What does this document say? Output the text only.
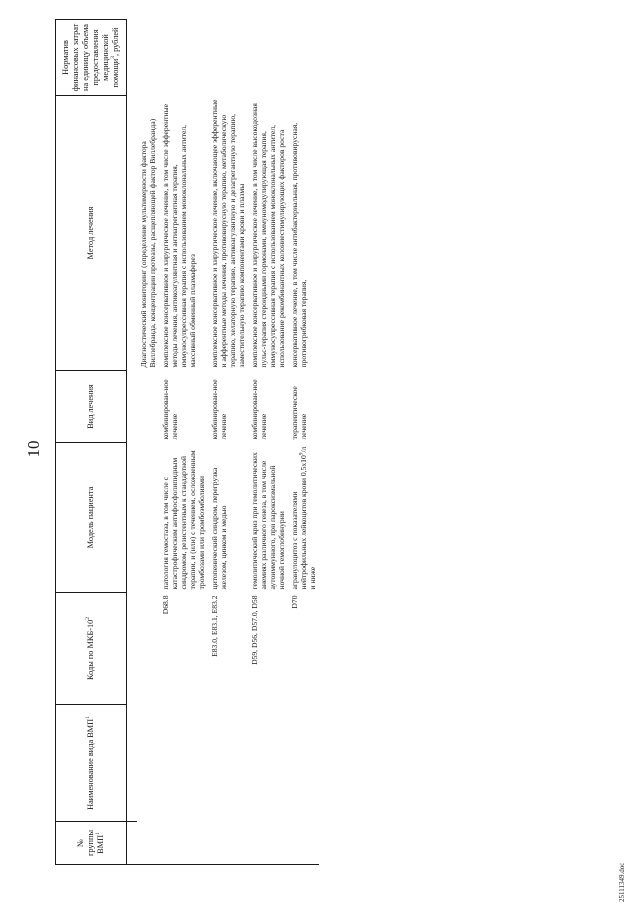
10
№ группы ВМП$^1$	Наименование вида ВМП$^1$	Коды по МКБ-$10^2$	Модель пациента	Вид лечения	Метод лечения	Норматив финансовых затрат на единицу объема предоставления медицинской помощи$^3$, рублей

					Диагностический мониторинг (определение мультимерности фактора Виллебранда, концентрации протеазы, расщепляющей фактор Виллебранда)	
		D68.8	патология гемостаза, в том числе с катастрофическим антифосфолипидным синдромом, резистентным к стандартной терапии, и (или) с течением, осложненным тромбозами или тромбоэмболиями	комбинирован-ное лечение	комплексное консервативное и хирургическое лечение, в том числе эфферентные методы лечения, антикоагулянтная и антиагрегантная терапия, иммуносупрессивная терапия с использованием моноклональных антител, массивный обменный плазмаферез	
		E83.0, E83.1, E83.2	цитопенический синдром, перегрузка железом, цинком и медью	комбинирован-ное лечение	комплексное консервативное и хирургическое лечение, включающее эфферентные и афферентные методы лечения, противовирусную терапию, метаболическую терапию, хелаторную терапию, антикоагулянтную и дезагрегантную терапию, заместительную терапию компонентами крови и плазмы	
		D59, D56, D57.0, D58	гемолитический криз при гемолитических анемиях различного генеза, в том числе аутоиммунного, при пароксизмальной ночной гемоглобинурии	комбинирован-ное лечение	комплексное консервативное и хирургическое лечение, в том числе высокодозная пульс-терапия стероидными гормонами, иммуномодулирующая терапия, иммуносупрессивная терапия с использованием моноклональных антител, использование рекомбинантных колониестимулирующих факторов роста	
		D70	агранулоцитоз с показателями нейтрофильных лейкоцитов крови $0,5x10^9/л$ и ниже	терапевтическое лечение	консервативное лечение, в том числе антибактериальная, противовирусная, противогрибковая терапия,	
25111349.doc
